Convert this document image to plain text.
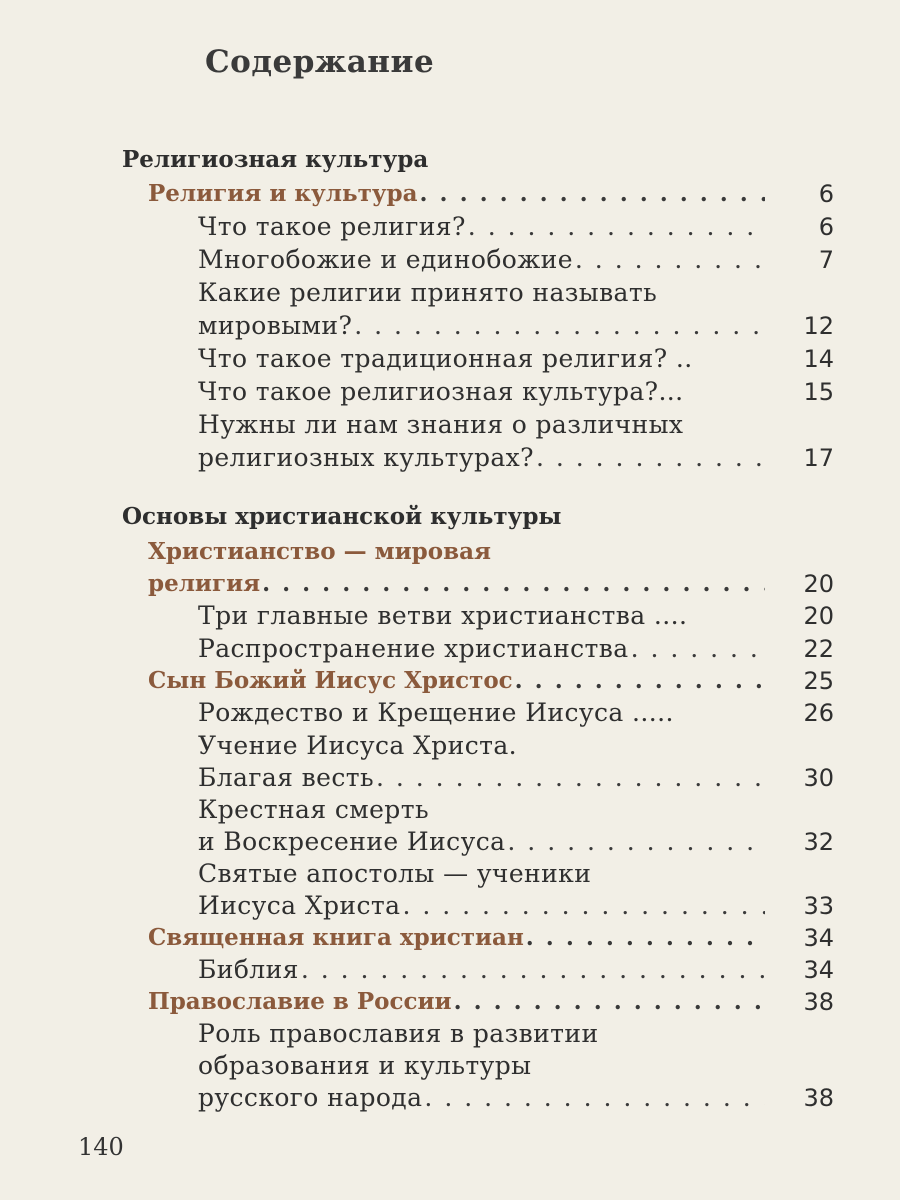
Содержание
Религиозная культура
Религия и культура . . .	6
Что такое религия? . . .	6
Многобожие и единобожие . . .	7
Какие религии принято называть
мировыми? . . .	12
Что такое традиционная религия? ..	14
Что такое религиозная культура?...	15
Нужны ли нам знания о различных
религиозных культурах? . . .	17
Основы христианской культуры
Христианство — мировая
религия . . .	20
Три главные ветви христианства ....	20
Распространение христианства . . .	22
Сын Божий Иисус Христос . . .	25
Рождество и Крещение Иисуса .....	26
Учение Иисуса Христа.
Благая весть . . .	30
Крестная смерть
и Воскресение Иисуса . . .	32
Святые апостолы — ученики
Иисуса Христа . . .	33
Священная книга христиан . . .	34
Библия . . .	34
Православие в России . . .	38
Роль православия в развитии
образования и культуры
русского народа . . .	38
140
